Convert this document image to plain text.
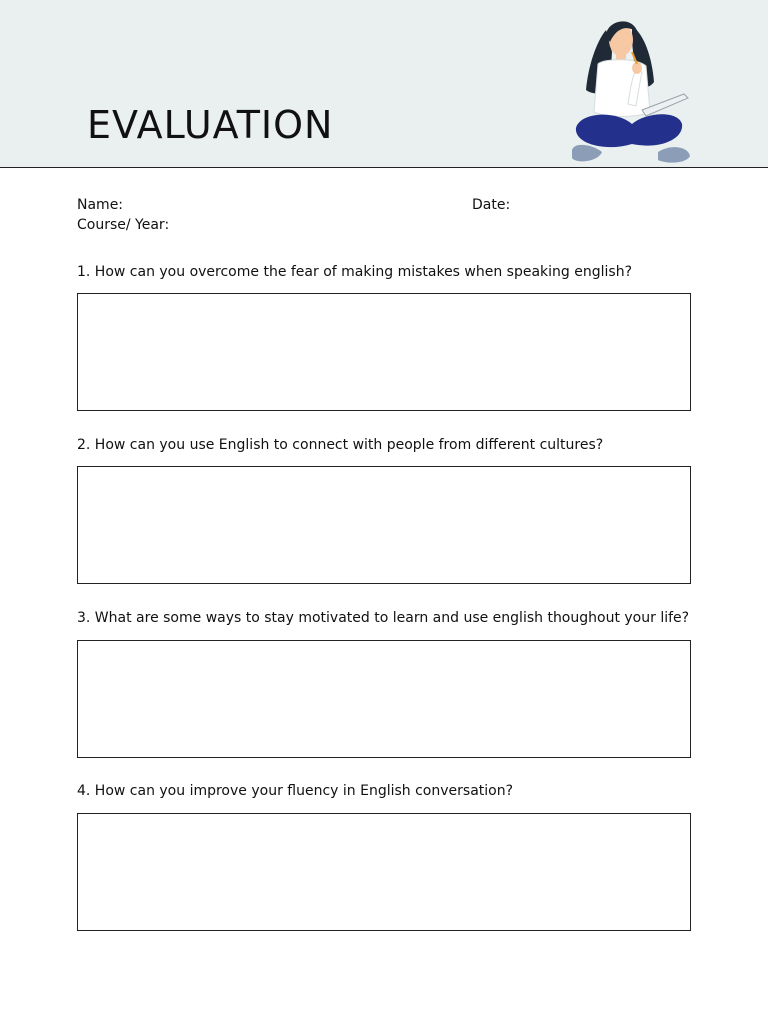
EVALUATION
Name:	Date:
Course/ Year:
1. How can you overcome the fear of making mistakes when speaking english?
2. How can you use English to connect with people from different cultures?
3. What are some ways to stay motivated to learn and use english thoughout your life?
4. How can you improve your fluency in English conversation?
